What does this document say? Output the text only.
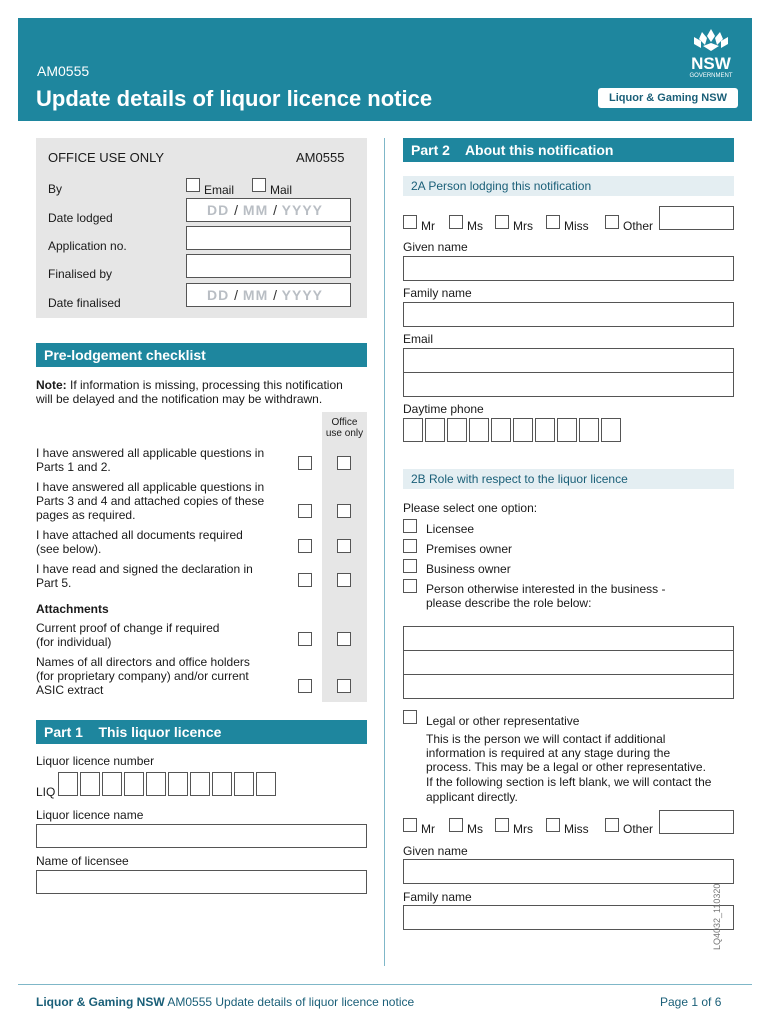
AM0555
Update details of liquor licence notice
NSW
GOVERNMENT
Liquor & Gaming NSW
OFFICE USE ONLY	AM0555
By	Email	Mail
Date lodged	DD / MM / YYYY
Application no.
Finalised by
Date finalised	DD / MM / YYYY
Pre-lodgement checklist
Note: If information is missing, processing this notification
will be delayed and the notification may be withdrawn.
Office
use only
I have answered all applicable questions in
Parts 1 and 2.
I have answered all applicable questions in
Parts 3 and 4 and attached copies of these
pages as required.
I have attached all documents required
(see below).
I have read and signed the declaration in
Part 5.
Attachments
Current proof of change if required
(for individual)
Names of all directors and office holders
(for proprietary company) and/or current
ASIC extract
Part 1    This liquor licence
Liquor licence number
LIQ
Liquor licence name
Name of licensee
Part 2    About this notification
2A Person lodging this notification
Mr	Ms	Mrs	Miss	Other
Given name
Family name
Email
Daytime phone
2B Role with respect to the liquor licence
Please select one option:
Licensee
Premises owner
Business owner
Person otherwise interested in the business -
please describe the role below:
Legal or other representative
This is the person we will contact if additional
information is required at any stage during the
process. This may be a legal or other representative.
If the following section is left blank, we will contact the
applicant directly.
Mr	Ms	Mrs	Miss	Other
Given name
Family name	LQ4032_110320
Liquor & Gaming NSW AM0555 Update details of liquor licence notice	Page 1 of 6
